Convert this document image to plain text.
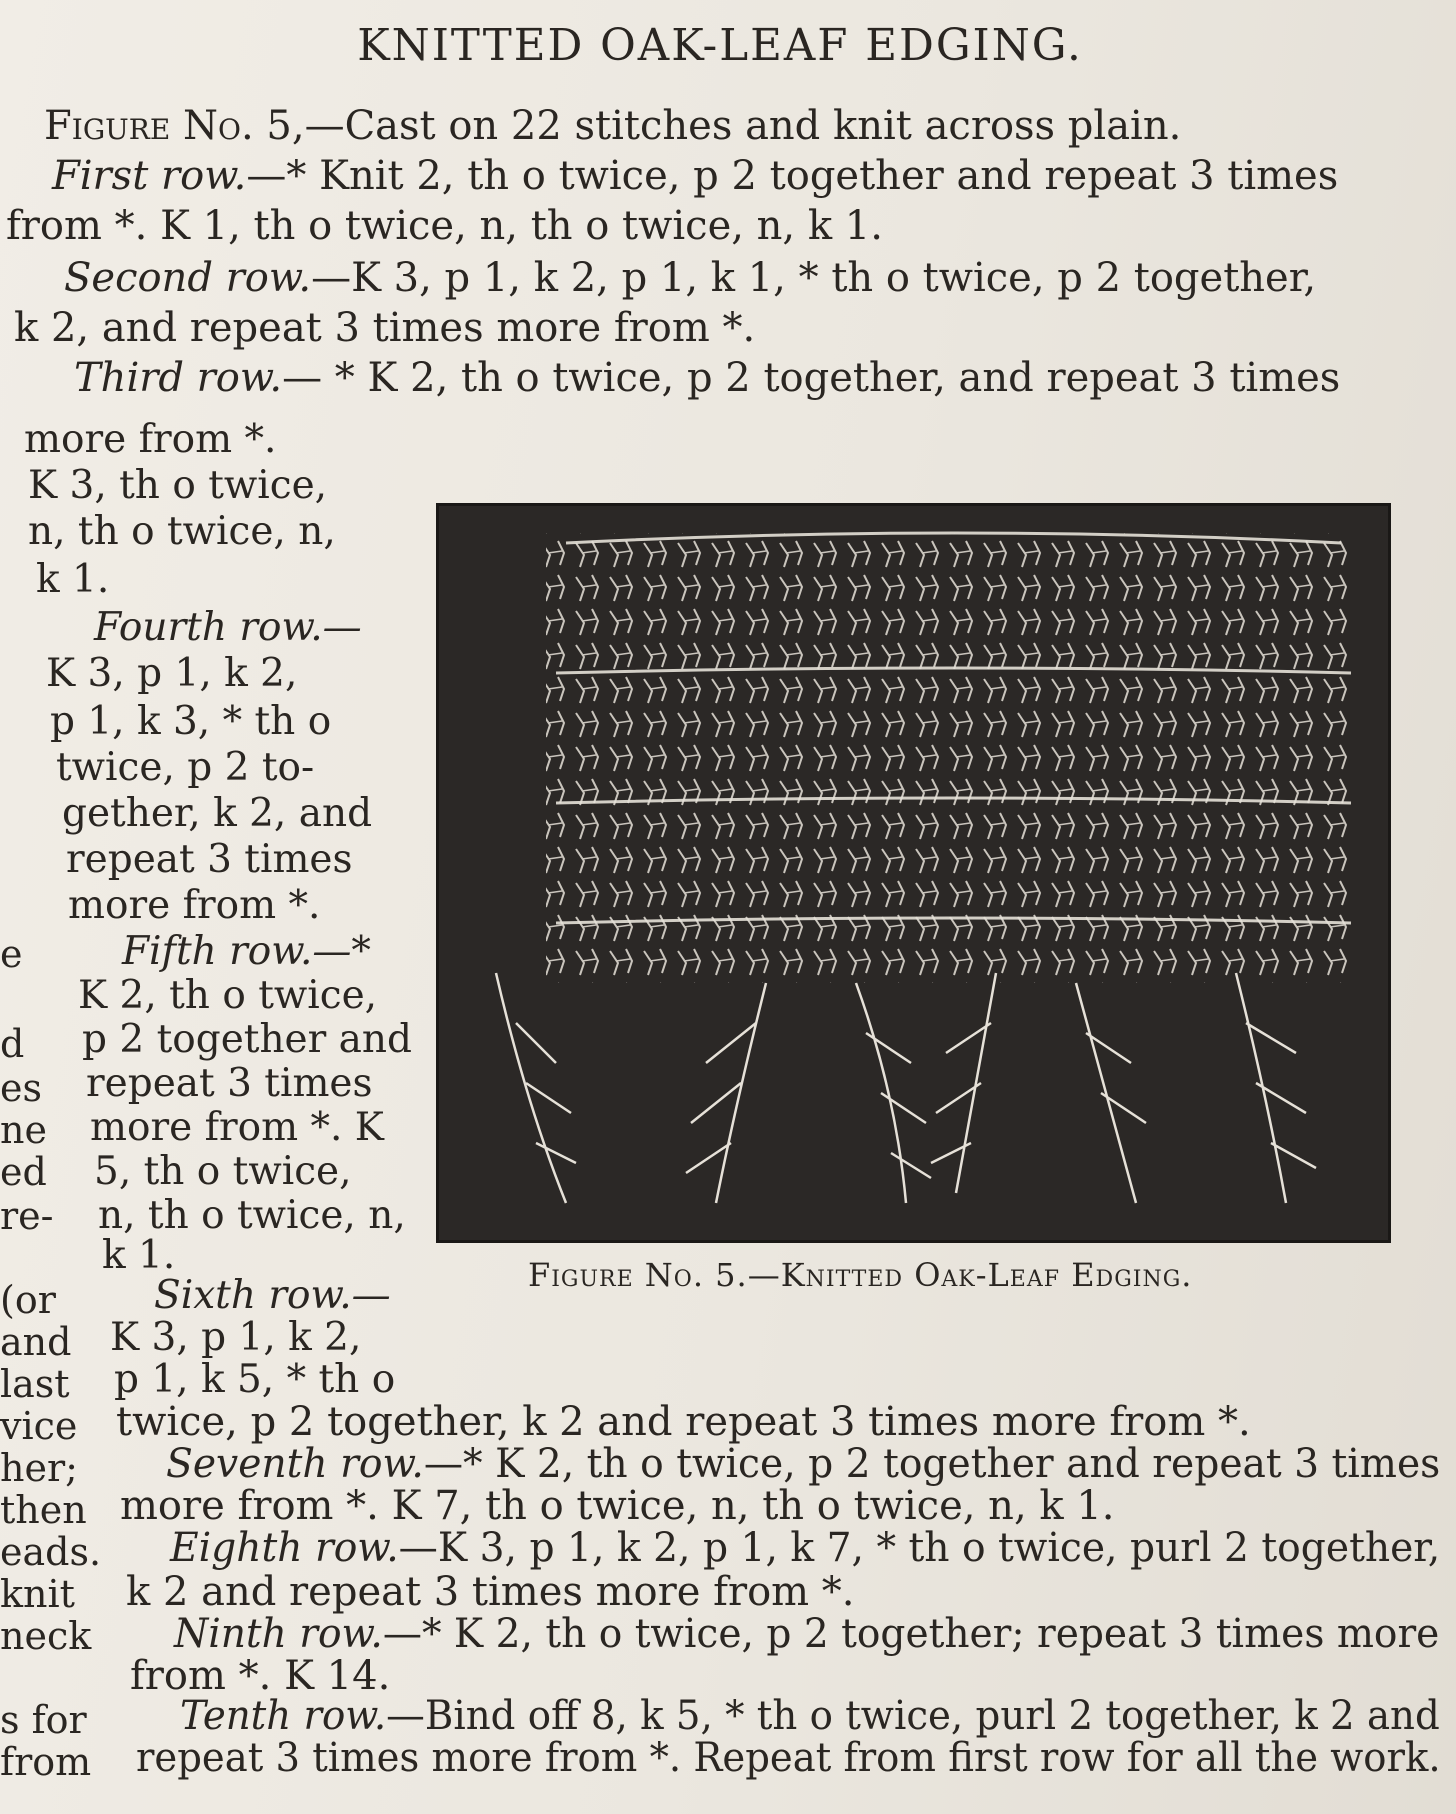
KNITTED OAK-LEAF EDGING.
Figure No. 5,—Cast on 22 stitches and knit across plain.
First row.—* Knit 2, th o twice, p 2 together and repeat 3 times
from *. K 1, th o twice, n, th o twice, n, k 1.
Second row.—K 3, p 1, k 2, p 1, k 1, * th o twice, p 2 together,
k 2, and repeat 3 times more from *.
Third row.— * K 2, th o twice, p 2 together, and repeat 3 times
more from *.
K 3, th o twice,
n, th o twice, n,
k 1.
Fourth row.—
K 3, p 1, k 2,
p 1, k 3, * th o
twice, p 2 to-
gether, k 2, and
repeat 3 times
more from *.
Fifth row.—*
K 2, th o twice,
p 2 together and
repeat 3 times
more from *. K
5, th o twice,
n, th o twice, n,
k 1.
Sixth row.—
K 3, p 1, k 2,
p 1, k 5, * th o
e
d
es
ne
ed
re-
(or
and
last
vice
her;
then
eads.
knit
neck
s for
from
Figure No. 5.—Knitted Oak-Leaf Edging.
twice, p 2 together, k 2 and repeat 3 times more from *.
Seventh row.—* K 2, th o twice, p 2 together and repeat 3 times
more from *. K 7, th o twice, n, th o twice, n, k 1.
Eighth row.—K 3, p 1, k 2, p 1, k 7, * th o twice, purl 2 together,
k 2 and repeat 3 times more from *.
Ninth row.—* K 2, th o twice, p 2 together; repeat 3 times more
from *. K 14.
Tenth row.—Bind off 8, k 5, * th o twice, purl 2 together, k 2 and
repeat 3 times more from *. Repeat from first row for all the work.
